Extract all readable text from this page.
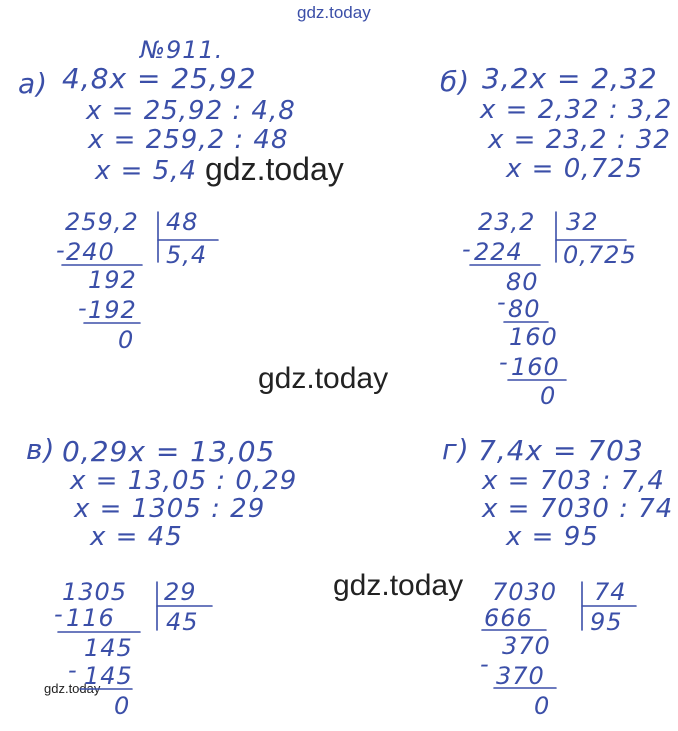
gdz.today
gdz.today
gdz.today
gdz.today
gdz.today
№911.
а) 4,8x = 25,92
x = 25,92 : 4,8
x = 259,2 : 48
x = 5,4
259,2 48
5,4
- 240
192
- 192
0
б) 3,2x = 2,32
x = 2,32 : 3,2
x = 23,2 : 32
x = 0,725
23,2 32
0,725
- 224
80
- 80
160
- 160
0
в) 0,29x = 13,05
x = 13,05 : 0,29
x = 1305 : 29
x = 45
1305 29
45
- 116
145
- 145
0
г) 7,4x = 703
x = 703 : 7,4
x = 7030 : 74
x = 95
7030 74
95
666
370
- 370
0
